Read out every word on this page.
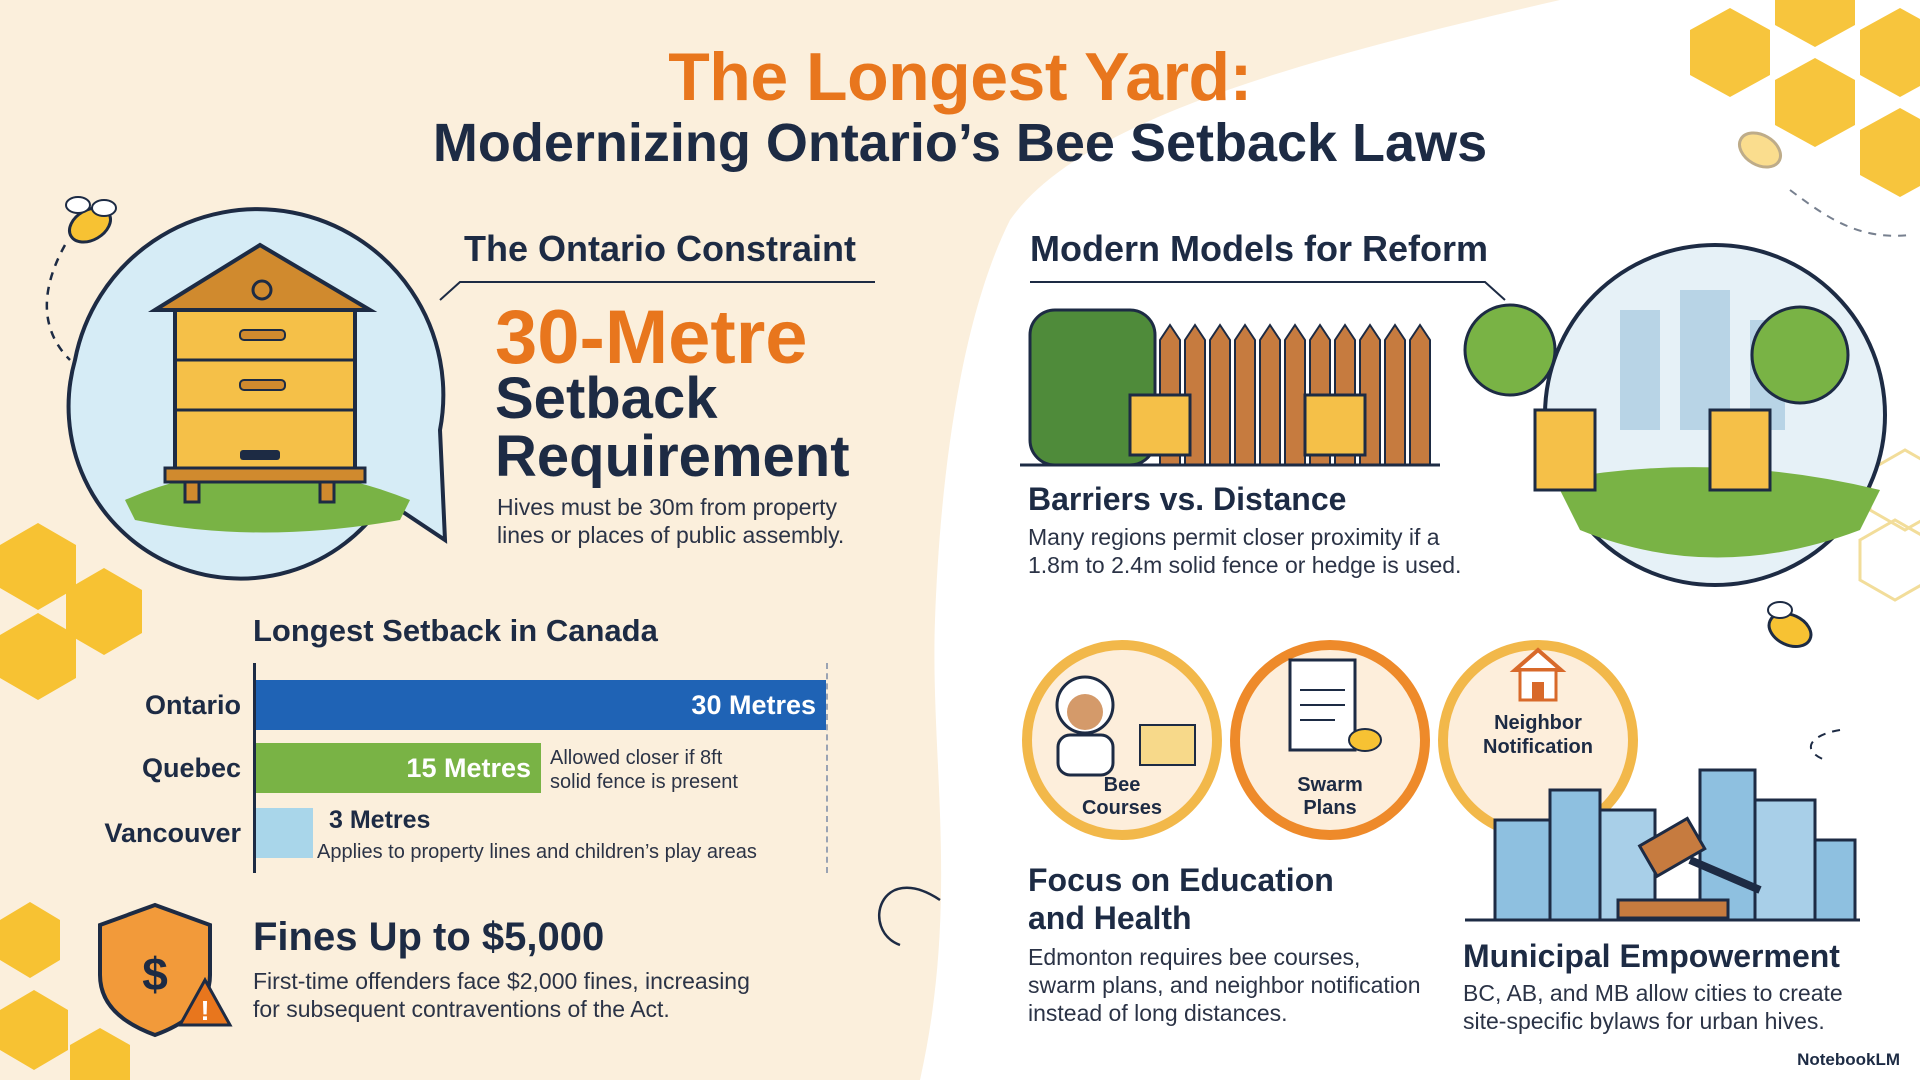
$
!
The Longest Yard:
Modernizing Ontario’s Bee Setback Laws
The Ontario Constraint
30-Metre
Setback
Requirement
Hives must be 30m from property
lines or places of public assembly.
Longest Setback in Canada
Ontario	30 Metres
Quebec	15 Metres
Vancouver	3 Metres
Allowed closer if 8ft
solid fence is present
Applies to property lines and children’s play areas
Fines Up to $5,000
First-time offenders face $2,000 fines, increasing
for subsequent contraventions of the Act.
Modern Models for Reform
Barriers vs. Distance
Many regions permit closer proximity if a
1.8m to 2.4m solid fence or hedge is used.
Bee Courses
Swarm Plans
Neighbor
Notification
Focus on Education
and Health
Edmonton requires bee courses,
swarm plans, and neighbor notification
instead of long distances.
Municipal Empowerment
BC, AB, and MB allow cities to create
site-specific bylaws for urban hives.
NotebookLM
